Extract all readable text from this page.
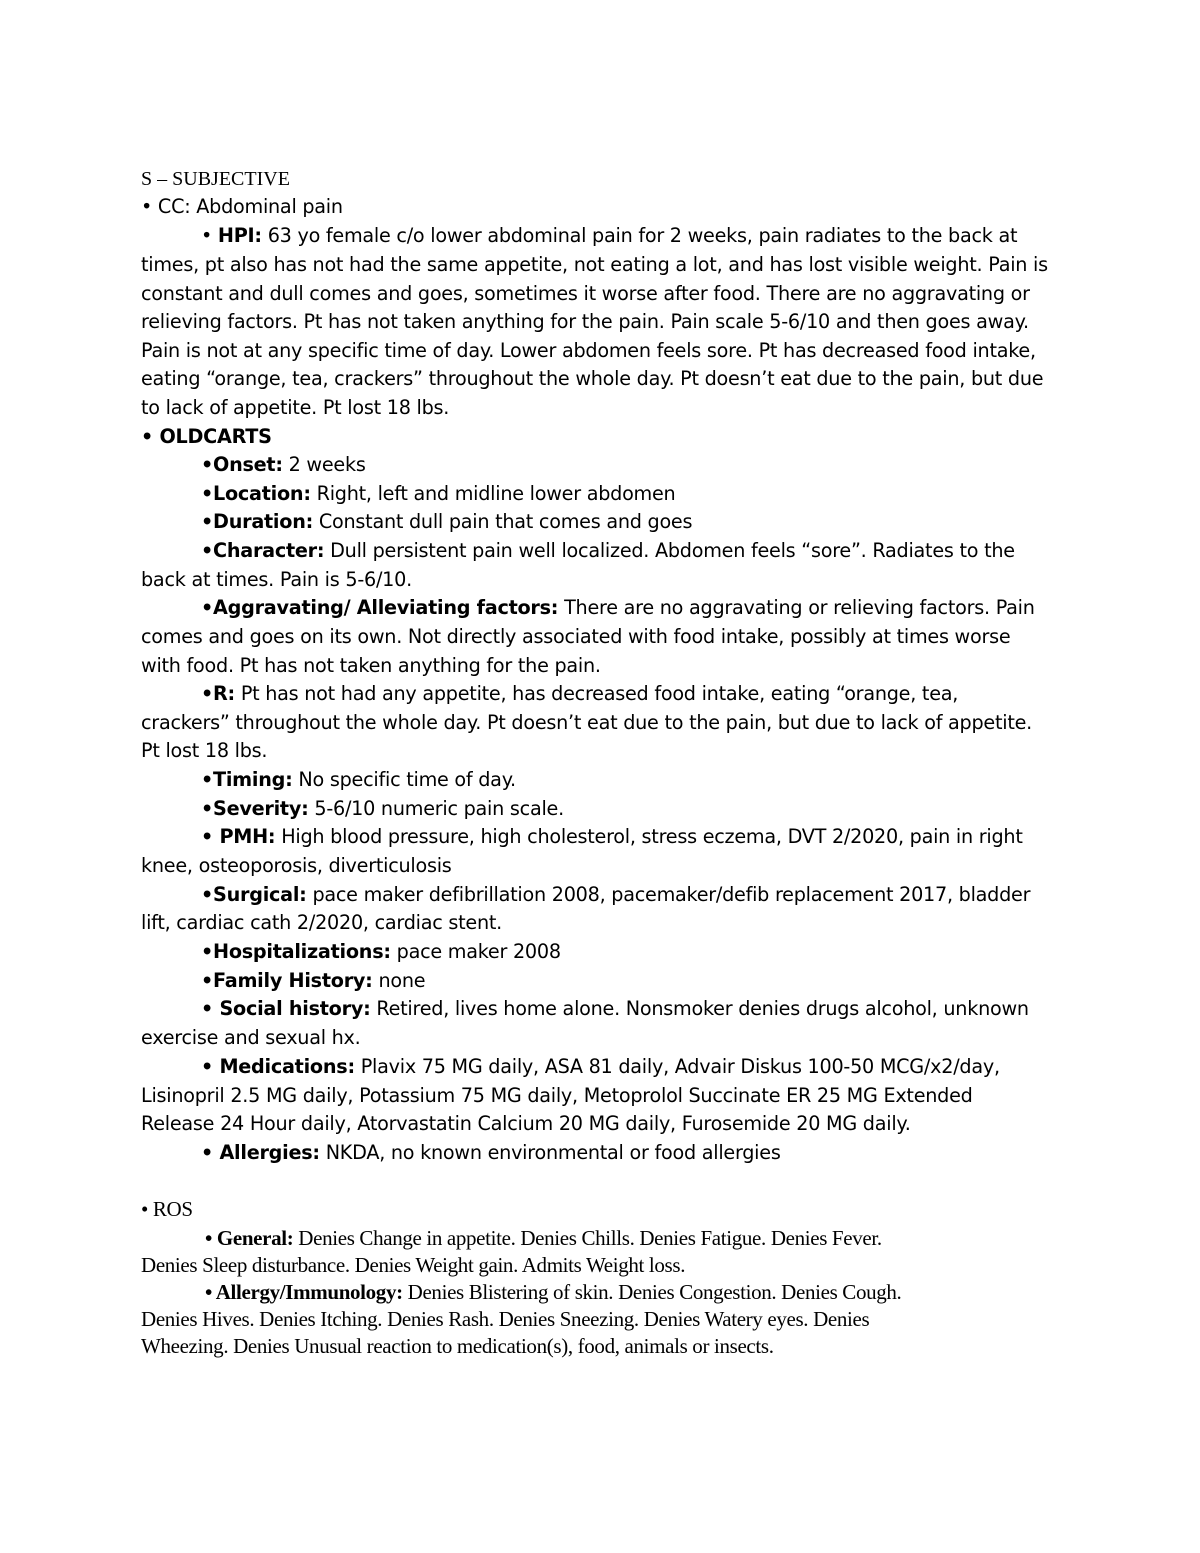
S – SUBJECTIVE
• CC: Abdominal pain
• HPI: 63 yo female c/o lower abdominal pain for 2 weeks, pain radiates to the back at
times, pt also has not had the same appetite, not eating a lot, and has lost visible weight. Pain is
constant and dull comes and goes, sometimes it worse after food. There are no aggravating or
relieving factors. Pt has not taken anything for the pain. Pain scale 5-6/10 and then goes away.
Pain is not at any specific time of day. Lower abdomen feels sore. Pt has decreased food intake,
eating “orange, tea, crackers” throughout the whole day. Pt doesn’t eat due to the pain, but due
to lack of appetite. Pt lost 18 lbs.
• OLDCARTS
•Onset: 2 weeks
•Location: Right, left and midline lower abdomen
•Duration: Constant dull pain that comes and goes
•Character: Dull persistent pain well localized. Abdomen feels “sore”. Radiates to the
back at times. Pain is 5-6/10.
•Aggravating/ Alleviating factors: There are no aggravating or relieving factors. Pain
comes and goes on its own. Not directly associated with food intake, possibly at times worse
with food. Pt has not taken anything for the pain.
•R: Pt has not had any appetite, has decreased food intake, eating “orange, tea,
crackers” throughout the whole day. Pt doesn’t eat due to the pain, but due to lack of appetite.
Pt lost 18 lbs.
•Timing: No specific time of day.
•Severity: 5-6/10 numeric pain scale.
• PMH: High blood pressure, high cholesterol, stress eczema, DVT 2/2020, pain in right
knee, osteoporosis, diverticulosis
•Surgical: pace maker defibrillation 2008, pacemaker/defib replacement 2017, bladder
lift, cardiac cath 2/2020, cardiac stent.
•Hospitalizations: pace maker 2008
•Family History: none
• Social history: Retired, lives home alone. Nonsmoker denies drugs alcohol, unknown
exercise and sexual hx.
• Medications: Plavix 75 MG daily, ASA 81 daily, Advair Diskus 100-50 MCG/x2/day,
Lisinopril 2.5 MG daily, Potassium 75 MG daily, Metoprolol Succinate ER 25 MG Extended
Release 24 Hour daily, Atorvastatin Calcium 20 MG daily, Furosemide 20 MG daily.
• Allergies: NKDA, no known environmental or food allergies
• ROS
• General: Denies Change in appetite. Denies Chills. Denies Fatigue. Denies Fever.
Denies Sleep disturbance. Denies Weight gain. Admits Weight loss.
• Allergy/Immunology: Denies Blistering of skin. Denies Congestion. Denies Cough.
Denies Hives. Denies Itching. Denies Rash. Denies Sneezing. Denies Watery eyes. Denies
Wheezing. Denies Unusual reaction to medication(s), food, animals or insects.
